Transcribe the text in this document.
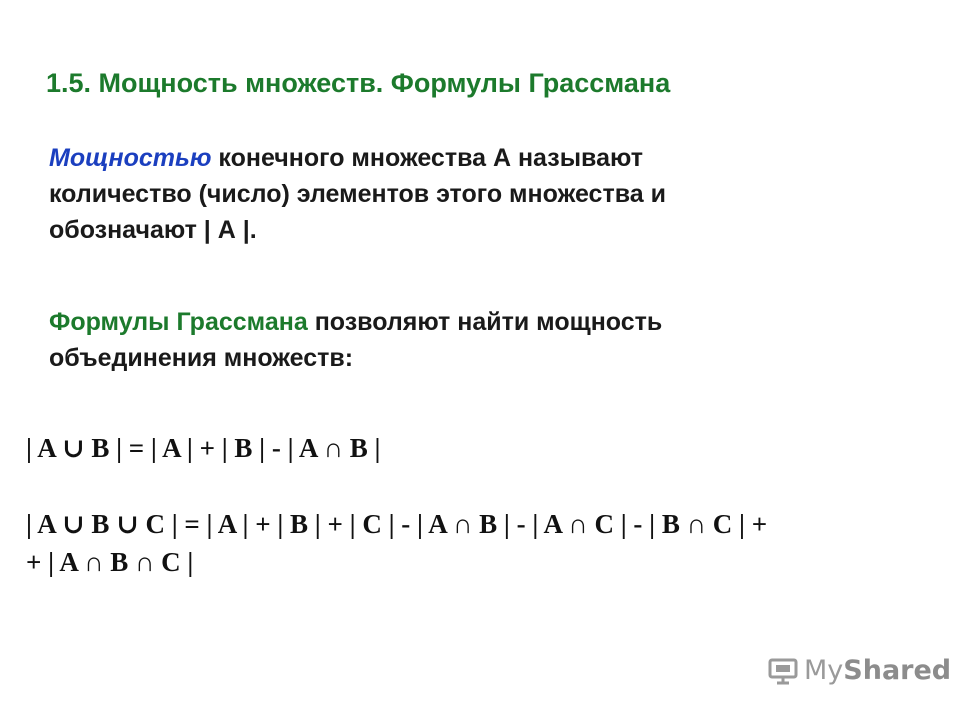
1.5. Мощность множеств. Формулы Грассмана
Мощностью конечного множества А называют
количество (число) элементов этого множества и
обозначают | А |.
Формулы Грассмана позволяют найти мощность
объединения множеств:
| A ∪ B | = | A | + | B | - | A ∩ B |
| A ∪ B ∪ C | = | A | + | B | + | C | - | A ∩ B | - | A ∩ C | - | B ∩ C | +
+ | A ∩ B ∩ C |
MyShared
